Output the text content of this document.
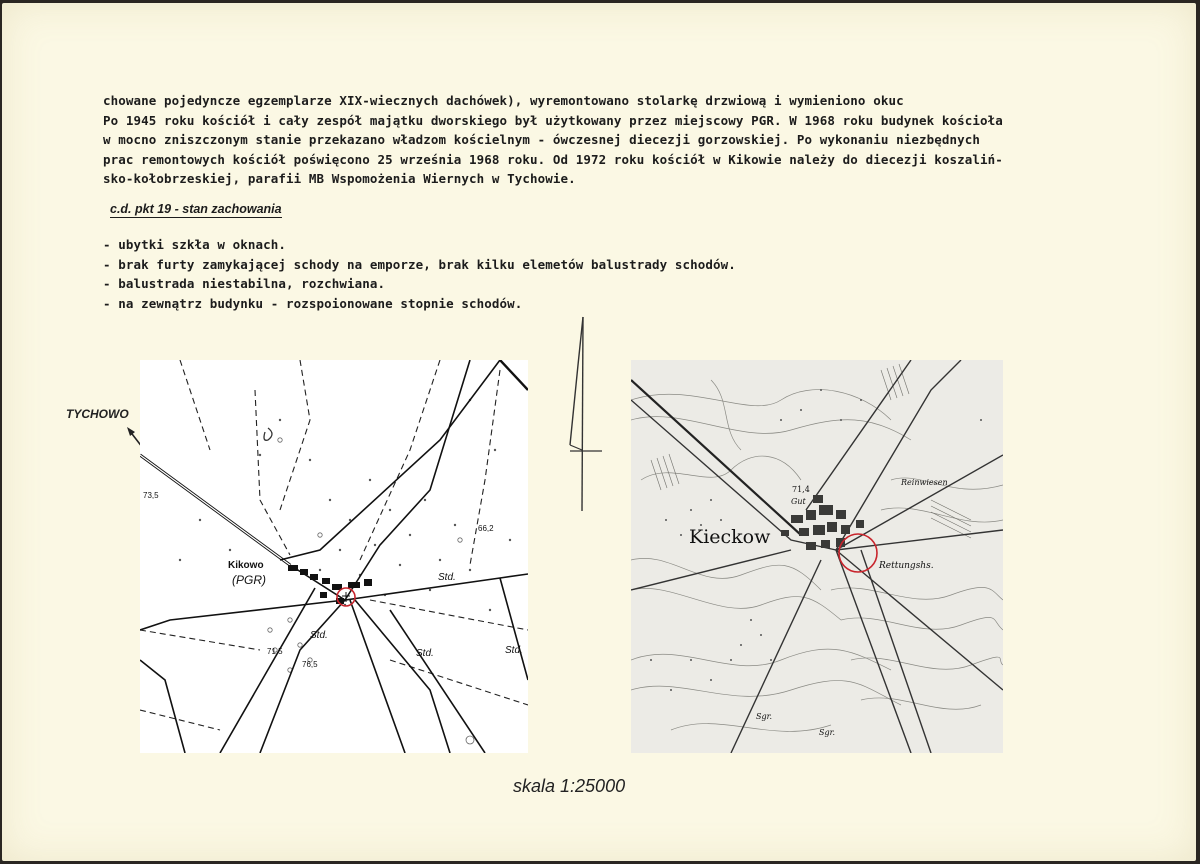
chowane pojedyncze egzemplarze XIX-wiecznych dachówek), wyremontowano stolarkę drzwiową i wymieniono okuc
Po 1945 roku kościół i cały zespół majątku dworskiego był użytkowany przez miejscowy PGR. W 1968 roku budynek kościoła
w mocno zniszczonym stanie przekazano władzom kościelnym - ówczesnej diecezji gorzowskiej. Po wykonaniu niezbędnych
prac remontowych kościół poświęcono 25 września 1968 roku. Od 1972 roku kościół w Kikowie należy do diecezji koszaliń-
sko-kołobrzeskiej, parafii MB Wspomożenia Wiernych w Tychowie.
c.d. pkt 19 - stan zachowania
- ubytki szkła w oknach.
- brak furty zamykającej schody na emporze, brak kilku elemetów balustrady schodów.
- balustrada niestabilna, rozchwiana.
- na zewnątrz budynku - rozspoionowane stopnie schodów.
TYCHOWO
Kikowo
(PGR)	Std.
Std.
Std.	Std.
73,5
66,2
71,5
76,5
Kieckow
Rettungshs.
Gut
71,4
Reinwiesen
Sgr.
Sgr.
skala 1:25000
